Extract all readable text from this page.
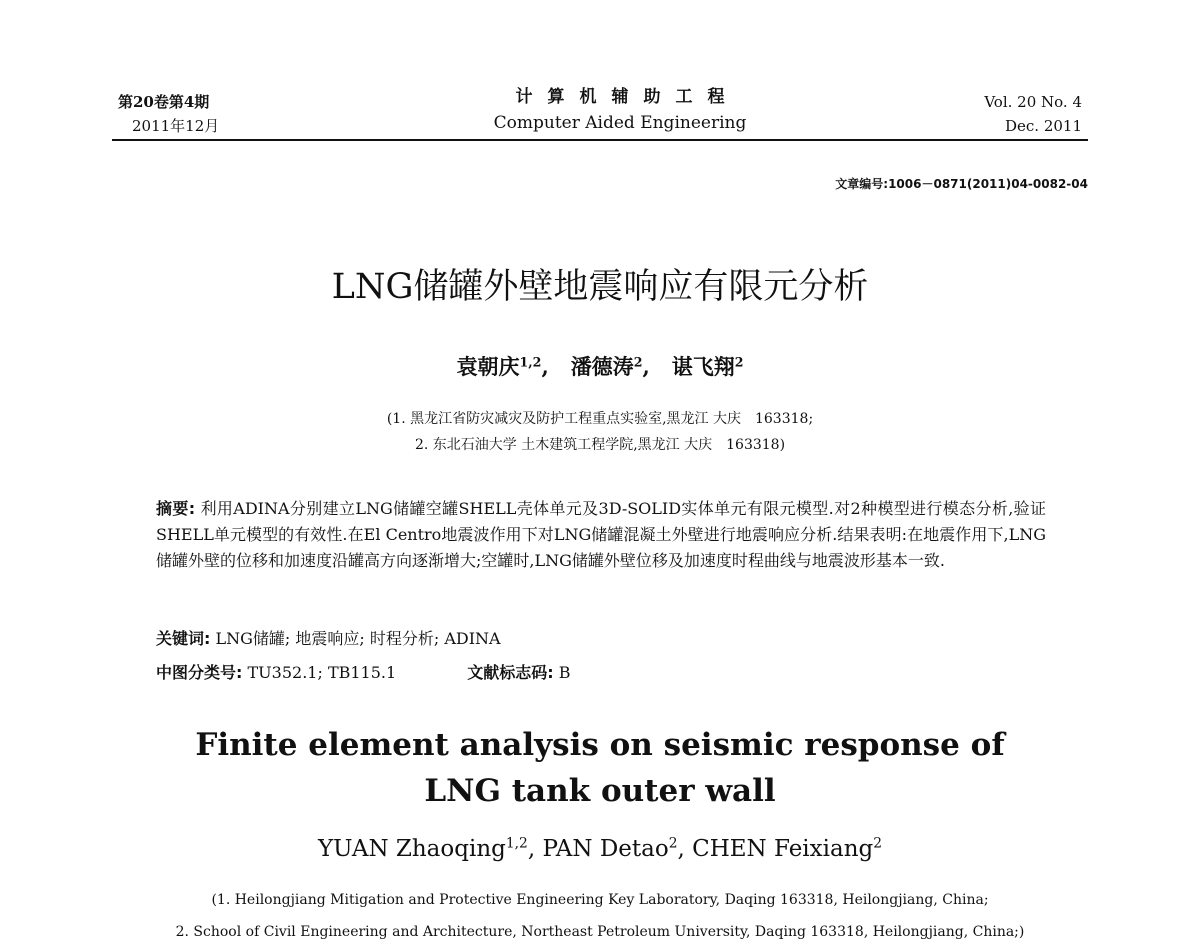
第20卷第4期
2011年12月
计算机辅助工程
Computer Aided Engineering
Vol. 20 No. 4
Dec. 2011
文章编号:1006－0871(2011)04-0082-04
LNG储罐外壁地震响应有限元分析
袁朝庆$^{1,2}$,   潘德涛$^2$,   谌飞翔$^2$
(1. 黑龙江省防灾减灾及防护工程重点实验室,黑龙江 大庆　163318;
2. 东北石油大学 土木建筑工程学院,黑龙江 大庆　163318)
摘要: 利用ADINA分别建立LNG储罐空罐SHELL壳体单元及3D-SOLID实体单元有限元模型.对2种模型进行模态分析,验证SHELL单元模型的有效性.在El Centro地震波作用下对LNG储罐混凝土外壁进行地震响应分析.结果表明:在地震作用下,LNG储罐外壁的位移和加速度沿罐高方向逐渐增大;空罐时,LNG储罐外壁位移及加速度时程曲线与地震波形基本一致.
关键词: LNG储罐; 地震响应; 时程分析; ADINA
中图分类号: TU352.1; TB115.1	文献标志码: B
Finite element analysis on seismic response of
LNG tank outer wall
YUAN Zhaoqing$^{1,2}$, PAN Detao$^2$, CHEN Feixiang$^2$
(1. Heilongjiang Mitigation and Protective Engineering Key Laboratory, Daqing 163318, Heilongjiang, China;
2. School of Civil Engineering and Architecture, Northeast Petroleum University, Daqing 163318, Heilongjiang, China;)
